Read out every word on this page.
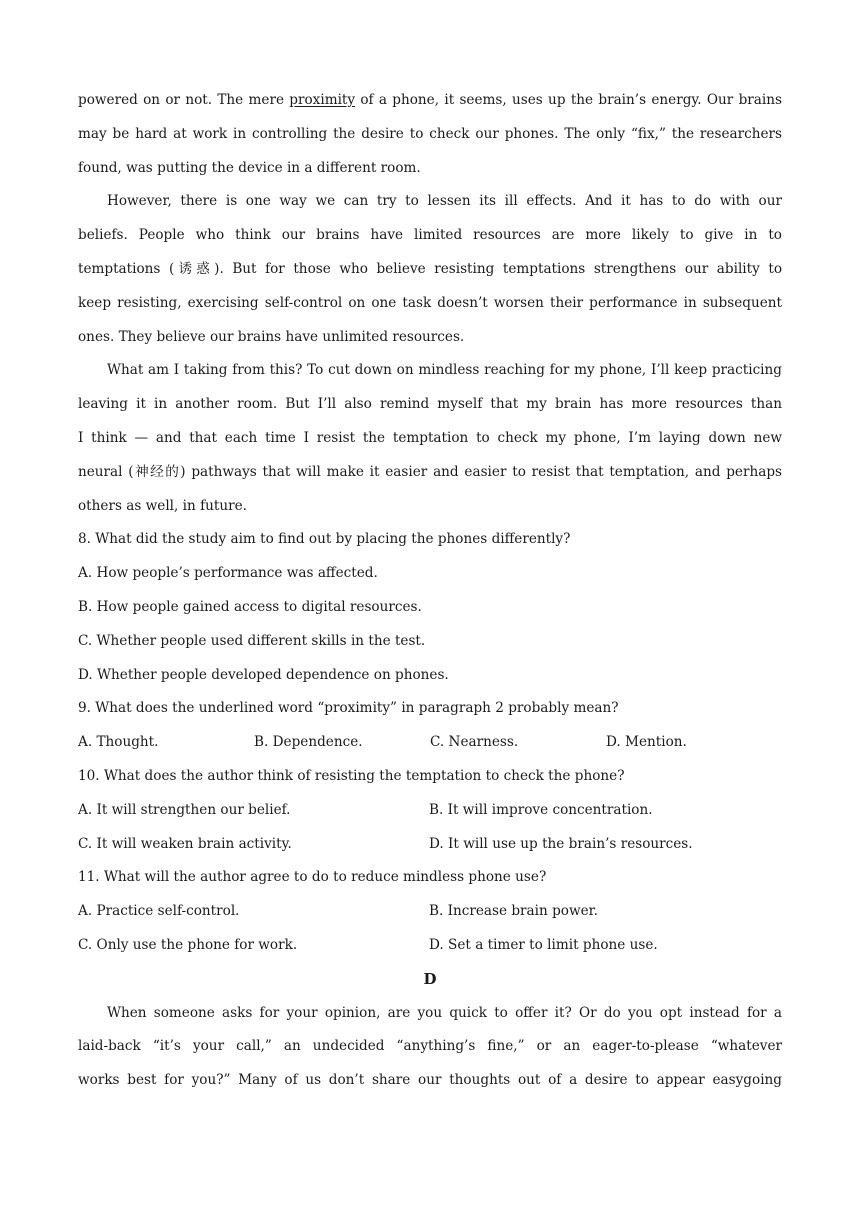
powered on or not. The mere proximity of a phone, it seems, uses up the brain’s energy. Our brains
may be hard at work in controlling the desire to check our phones. The only “fix,” the researchers
found, was putting the device in a different room.
However, there is one way we can try to lessen its ill effects. And it has to do with our
beliefs. People who think our brains have limited resources are more likely to give in to
temptations (诱惑). But for those who believe resisting temptations strengthens our ability to
keep resisting, exercising self-control on one task doesn’t worsen their performance in subsequent
ones. They believe our brains have unlimited resources.
What am I taking from this? To cut down on mindless reaching for my phone, I’ll keep practicing
leaving it in another room. But I’ll also remind myself that my brain has more resources than
I think — and that each time I resist the temptation to check my phone, I’m laying down new
neural (神经的) pathways that will make it easier and easier to resist that temptation, and perhaps
others as well, in future.
8. What did the study aim to find out by placing the phones differently?
A. How people’s performance was affected.
B. How people gained access to digital resources.
C. Whether people used different skills in the test.
D. Whether people developed dependence on phones.
9. What does the underlined word “proximity” in paragraph 2 probably mean?
A. Thought.	B. Dependence.	C. Nearness.	D. Mention.
10. What does the author think of resisting the temptation to check the phone?
A. It will strengthen our belief.	B. It will improve concentration.
C. It will weaken brain activity.	D. It will use up the brain’s resources.
11. What will the author agree to do to reduce mindless phone use?
A. Practice self-control.	B. Increase brain power.
C. Only use the phone for work.	D. Set a timer to limit phone use.
D
When someone asks for your opinion, are you quick to offer it? Or do you opt instead for a
laid-back “it’s your call,” an undecided “anything’s fine,” or an eager-to-please “whatever
works best for you?” Many of us don’t share our thoughts out of a desire to appear easygoing
